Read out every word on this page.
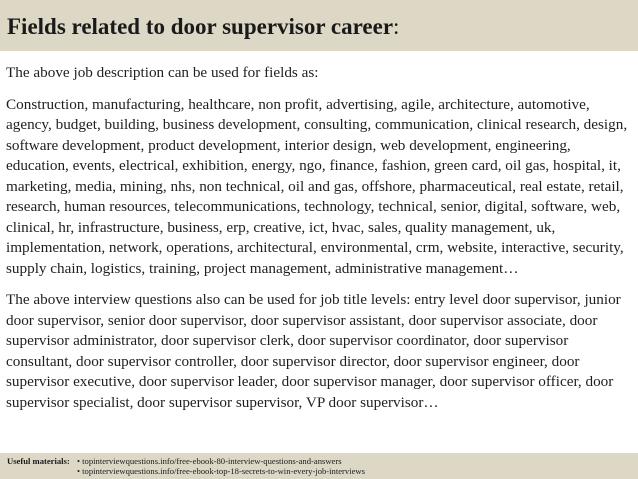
Fields related to door supervisor career:

The above job description can be used for fields as:

Construction, manufacturing, healthcare, non profit, advertising, agile, architecture, automotive, agency, budget, building, business development, consulting, communication, clinical research, design, software development, product development, interior design, web development, engineering, education, events, electrical, exhibition, energy, ngo, finance, fashion, green card, oil gas, hospital, it, marketing, media, mining, nhs, non technical, oil and gas, offshore, pharmaceutical, real estate, retail, research, human resources, telecommunications, technology, technical, senior, digital, software, web, clinical, hr, infrastructure, business, erp, creative, ict, hvac, sales, quality management, uk, implementation, network, operations, architectural, environmental, crm, website, interactive, security, supply chain, logistics, training, project management, administrative management…

The above interview questions also can be used for job title levels: entry level door supervisor, junior door supervisor, senior door supervisor, door supervisor assistant, door supervisor associate, door supervisor administrator, door supervisor clerk, door supervisor coordinator, door supervisor consultant, door supervisor controller, door supervisor director, door supervisor engineer, door supervisor executive, door supervisor leader, door supervisor manager, door supervisor officer, door supervisor specialist, door supervisor supervisor, VP door supervisor…

Useful materials:• topinterviewquestions.info/free-ebook-80-interview-questions-and-answers
• topinterviewquestions.info/free-ebook-top-18-secrets-to-win-every-job-interviews
